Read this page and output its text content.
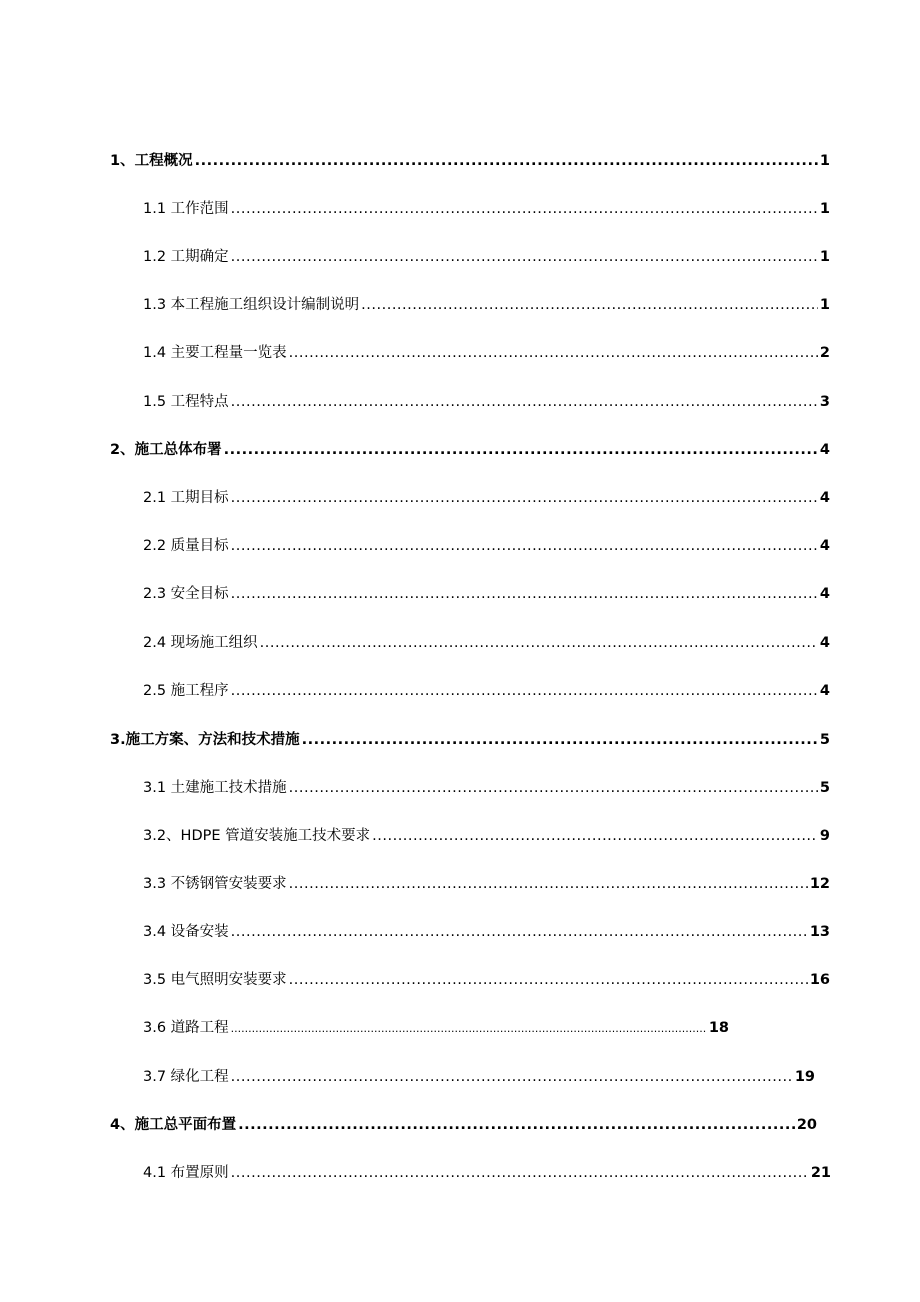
1、工程概况 .....	1
1.1 工作范围 .....	1
1.2 工期确定 .....	1
1.3 本工程施工组织设计编制说明 .....	1
1.4 主要工程量一览表 .....	2
1.5 工程特点 .....	3
2、施工总体布署 .....	4
2.1 工期目标 .....	4
2.2 质量目标 .....	4
2.3 安全目标 .....	4
2.4 现场施工组织 .....	4
2.5 施工程序 .....	4
3.施工方案、方法和技术措施 .....	5
3.1 土建施工技术措施 .....	5
3.2、HDPE 管道安装施工技术要求 .....	9
3.3 不锈钢管安装要求 .....	12
3.4 设备安装 .....	13
3.5 电气照明安装要求 .....	16
3.6 道路工程 .....	18
3.7 绿化工程 .....	19
4、施工总平面布置 .....	20
4.1 布置原则 .....	21
